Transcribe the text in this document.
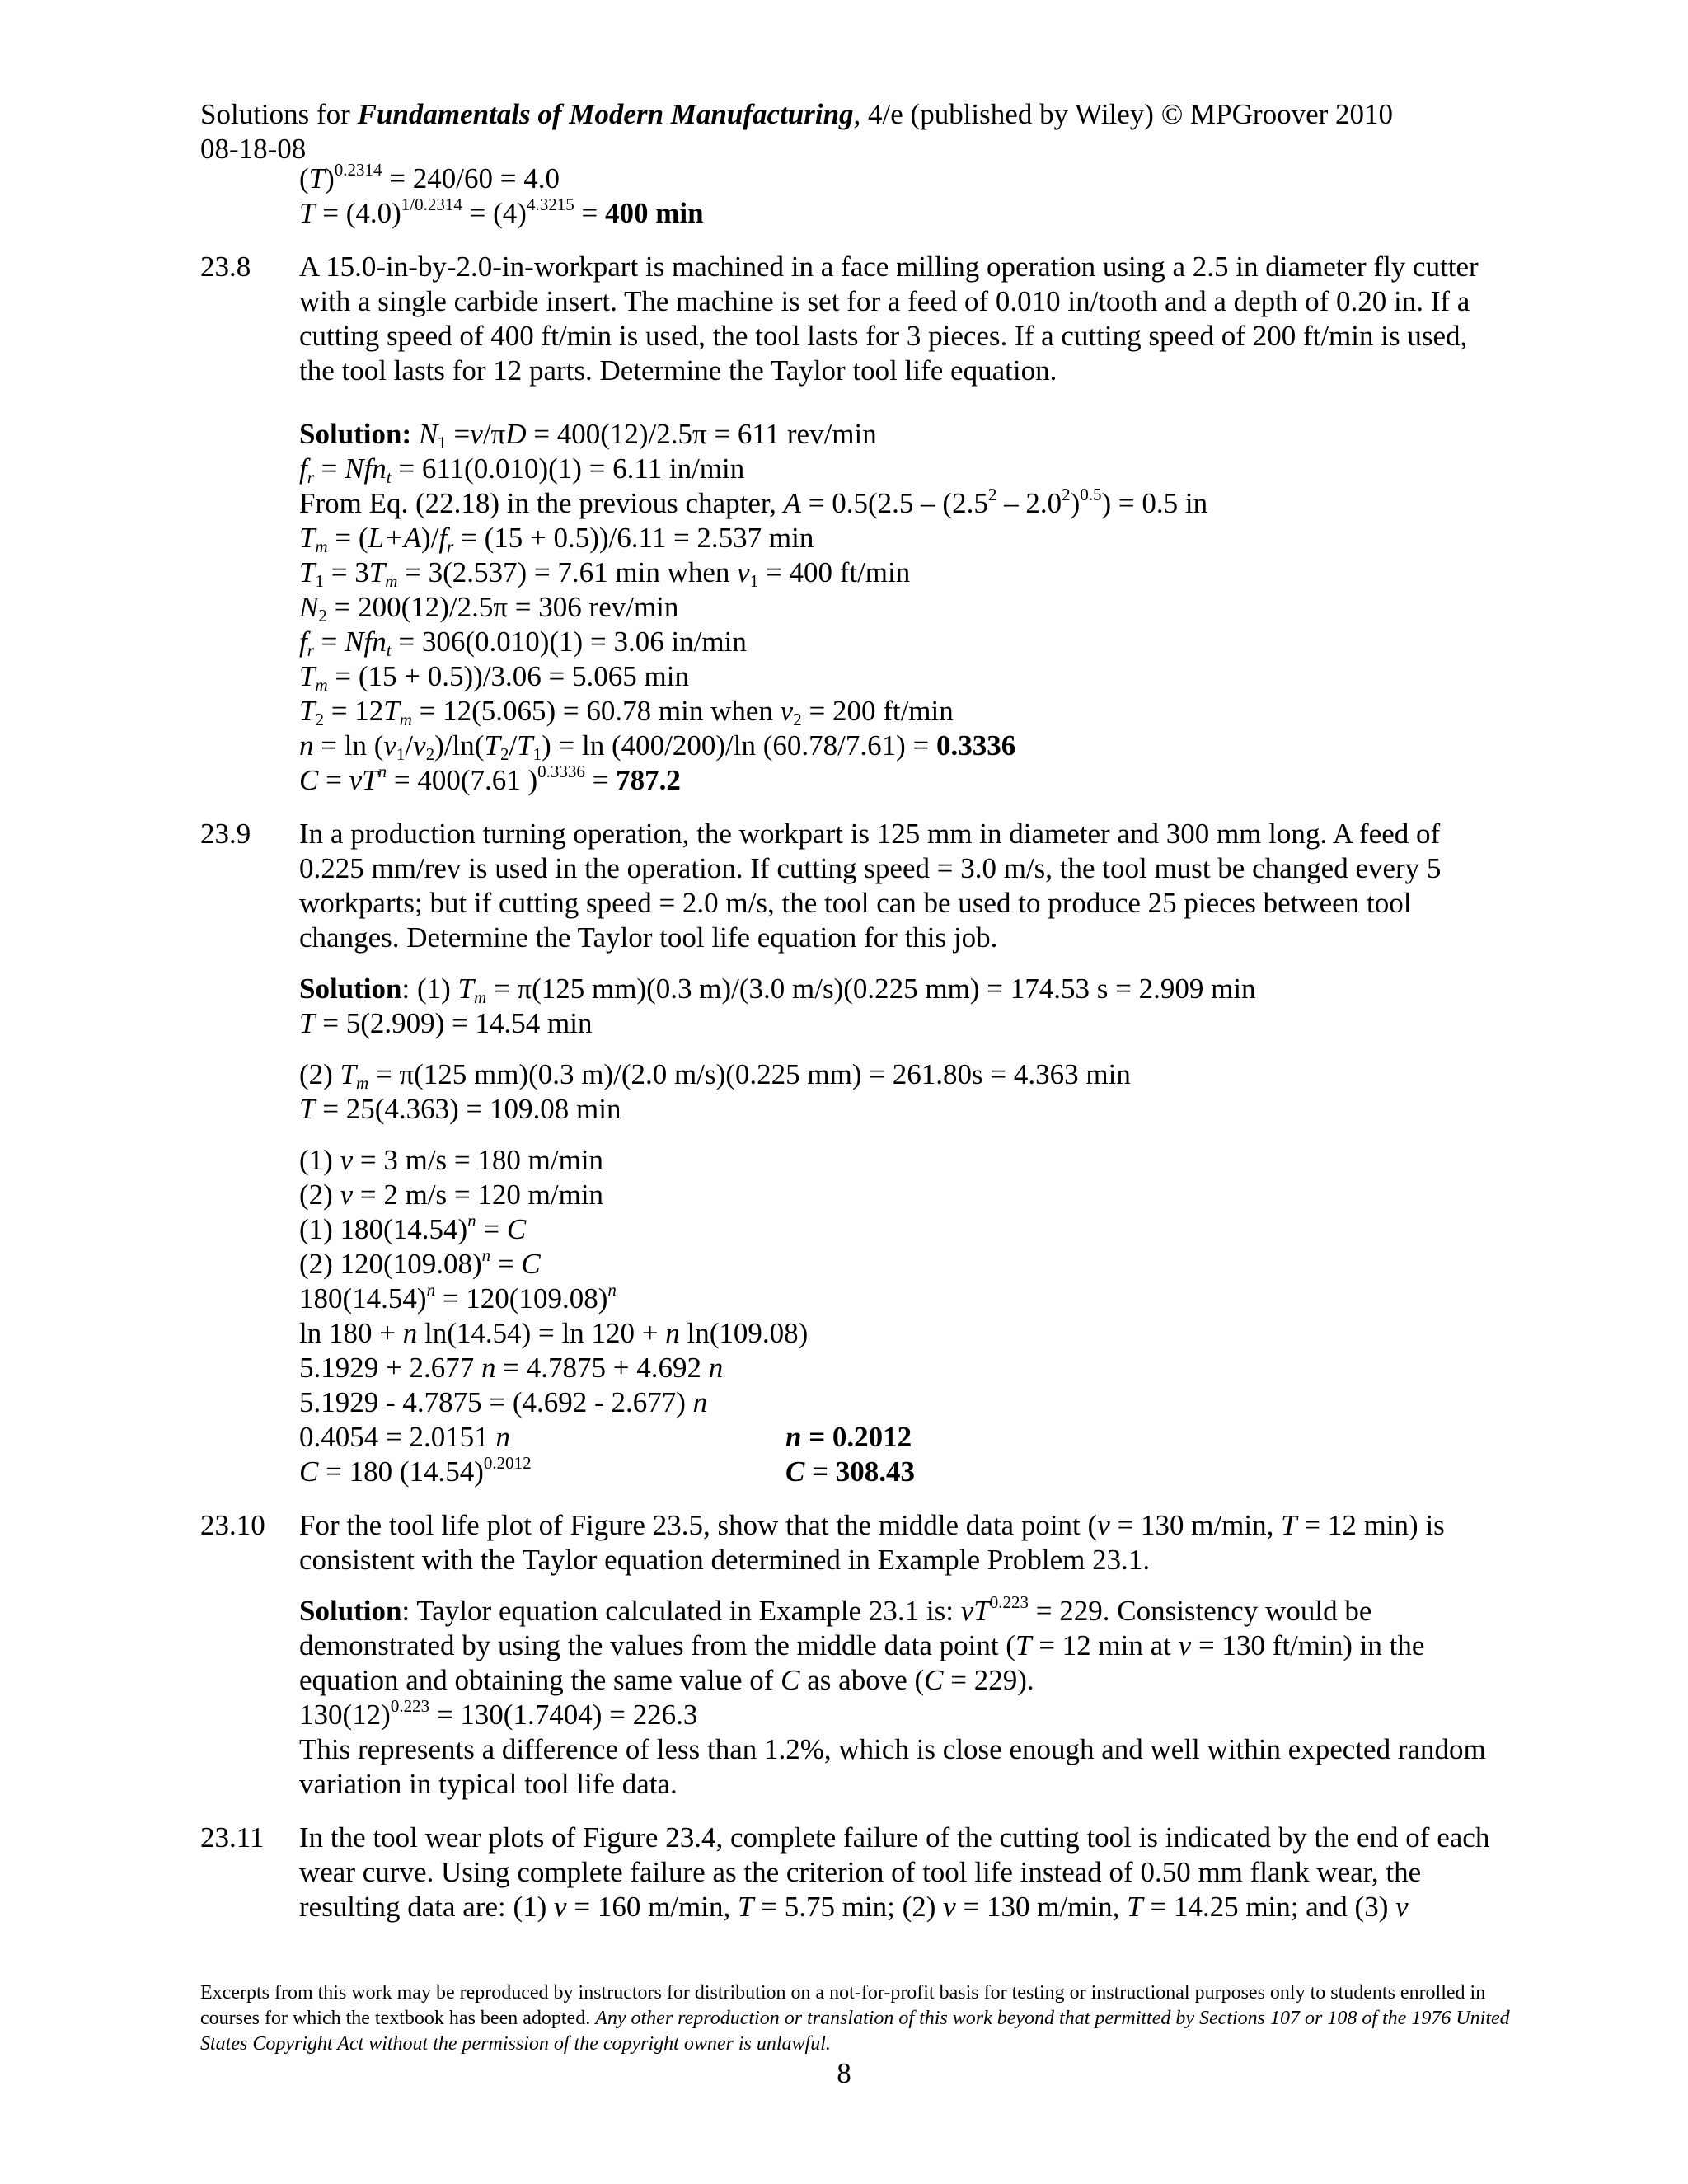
Solutions for Fundamentals of Modern Manufacturing, 4/e (published by Wiley) © MPGroover 2010
08-18-08
$(T)^{0.2314} = 240/60 = 4.0$
$T = (4.0)^{1/0.2314} = (4)^{4.3215} = 400$ min
23.8 A 15.0-in-by-2.0-in-workpart is machined in a face milling operation using a 2.5 in diameter fly cutter with a single carbide insert. The machine is set for a feed of 0.010 in/tooth and a depth of 0.20 in. If a cutting speed of 400 ft/min is used, the tool lasts for 3 pieces. If a cutting speed of 200 ft/min is used, the tool lasts for 12 parts. Determine the Taylor tool life equation.
Solution: $N_1 =v/\pi D = 400(12)/2.5\pi = 611$ rev/min
$f_r = Nfn_t = 611(0.010)(1) = 6.11$ in/min
From Eq. (22.18) in the previous chapter, $A = 0.5(2.5 - (2.5^2 - 2.0^2)^{0.5}) = 0.5$ in
$T_m = (L+A)/f_r = (15 + 0.5))/6.11 = 2.537$ min
$T_1 = 3T_m = 3(2.537) = 7.61$ min when $v_1 = 400$ ft/min
$N_2 = 200(12)/2.5\pi = 306$ rev/min
$f_r = Nfn_t = 306(0.010)(1) = 3.06$ in/min
$T_m = (15 + 0.5))/3.06 = 5.065$ min
$T_2 = 12T_m = 12(5.065) = 60.78$ min when $v_2 = 200$ ft/min
$n = \ln (v_1/v_2)/\ln(T_2/T_1) = \ln (400/200)/\ln$ (60.78/7.61) = 0.3336
$C = vT^n = 400(7.61$ )$^{0.3336}$ = 787.2
23.9 In a production turning operation, the workpart is 125 mm in diameter and 300 mm long. A feed of 0.225 mm/rev is used in the operation. If cutting speed = 3.0 m/s, the tool must be changed every 5 workparts; but if cutting speed = 2.0 m/s, the tool can be used to produce 25 pieces between tool changes. Determine the Taylor tool life equation for this job.
Solution: (1) $T_m = \pi(125$ mm)(0.3 m)/(3.0 m/s)(0.225 mm) = 174.53 s = 2.909 min
T = 5(2.909) = 14.54 min
(2) $T_m = \pi(125$ mm)(0.3 m)/(2.0 m/s)(0.225 mm) = 261.80s = 4.363 min
T = 25(4.363) = 109.08 min
(1) v = 3 m/s = 180 m/min
(2) v = 2 m/s = 120 m/min
(1) $180(14.54)^n = C$
(2) $120(109.08)^n = C$
$180(14.54)^n = 120(109.08)^n$
ln 180 + n ln(14.54) = ln 120 + n ln(109.08)
5.1929 + 2.677 n = 4.7875 + 4.692 n
5.1929 - 4.7875 = (4.692 - 2.677) n
0.4054 = 2.0151 n	n = 0.2012
C = 180 $(14.54)^{0.2012}$	C = 308.43
23.10 For the tool life plot of Figure 23.5, show that the middle data point (v = 130 m/min, T = 12 min) is consistent with the Taylor equation determined in Example Problem 23.1.
Solution: Taylor equation calculated in Example 23.1 is: $vT^{0.223} = 229$. Consistency would be demonstrated by using the values from the middle data point (T = 12 min at v = 130 ft/min) in the equation and obtaining the same value of C as above (C = 229).
$130(12)^{0.223} = 130(1.7404) = 226.3$
This represents a difference of less than 1.2%, which is close enough and well within expected random variation in typical tool life data.
23.11 In the tool wear plots of Figure 23.4, complete failure of the cutting tool is indicated by the end of each wear curve. Using complete failure as the criterion of tool life instead of 0.50 mm flank wear, the resulting data are: (1) v = 160 m/min, T = 5.75 min; (2) v = 130 m/min, T = 14.25 min; and (3) v
Excerpts from this work may be reproduced by instructors for distribution on a not-for-profit basis for testing or instructional purposes only to students enrolled in courses for which the textbook has been adopted. Any other reproduction or translation of this work beyond that permitted by Sections 107 or 108 of the 1976 United States Copyright Act without the permission of the copyright owner is unlawful.
8
